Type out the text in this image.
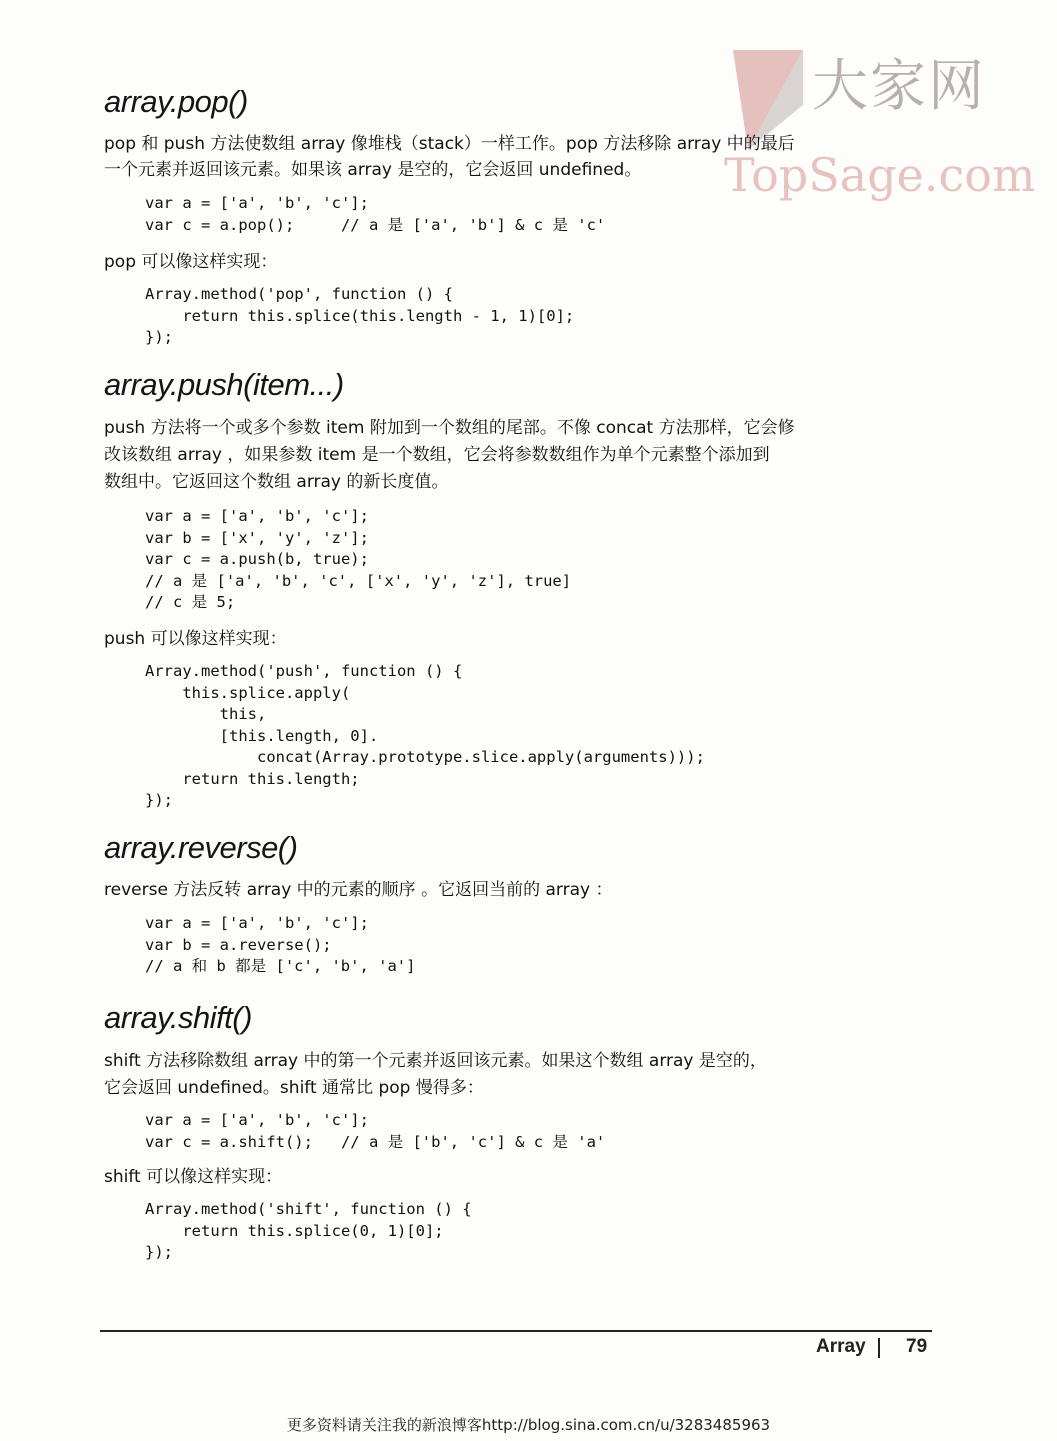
大家网
TopSage.com
array.pop()

pop 和 push 方法使数组 array 像堆栈（stack）一样工作。pop 方法移除 array 中的最后

一个元素并返回该元素。如果该 array 是空的，它会返回 undefined。

var a = ['a', 'b', 'c'];
var c = a.pop();     // a 是 ['a', 'b'] & c 是 'c'

pop 可以像这样实现：

Array.method('pop', function () {
return this.splice(this.length - 1, 1)[0];
});
array.push(item...)

push 方法将一个或多个参数 item 附加到一个数组的尾部。不像 concat 方法那样，它会修

改该数组 array ，如果参数 item 是一个数组，它会将参数数组作为单个元素整个添加到

数组中。它返回这个数组 array 的新长度值。

var a = ['a', 'b', 'c'];
var b = ['x', 'y', 'z'];
var c = a.push(b, true);
// a 是 ['a', 'b', 'c', ['x', 'y', 'z'], true]
// c 是 5;

push 可以像这样实现：

Array.method('push', function () {
this.splice.apply(
this,
[this.length, 0].
concat(Array.prototype.slice.apply(arguments)));
return this.length;
});
array.reverse()

reverse 方法反转 array 中的元素的顺序 。它返回当前的 array ：

var a = ['a', 'b', 'c'];
var b = a.reverse();
// a 和 b 都是 ['c', 'b', 'a']
array.shift()

shift 方法移除数组 array 中的第一个元素并返回该元素。如果这个数组 array 是空的，

它会返回 undefined。shift 通常比 pop 慢得多：

var a = ['a', 'b', 'c'];
var c = a.shift();   // a 是 ['b', 'c'] & c 是 'a'

shift 可以像这样实现：

Array.method('shift', function () {
return this.splice(0, 1)[0];
});
Array 79
更多资料请关注我的新浪博客http://blog.sina.com.cn/u/3283485963
